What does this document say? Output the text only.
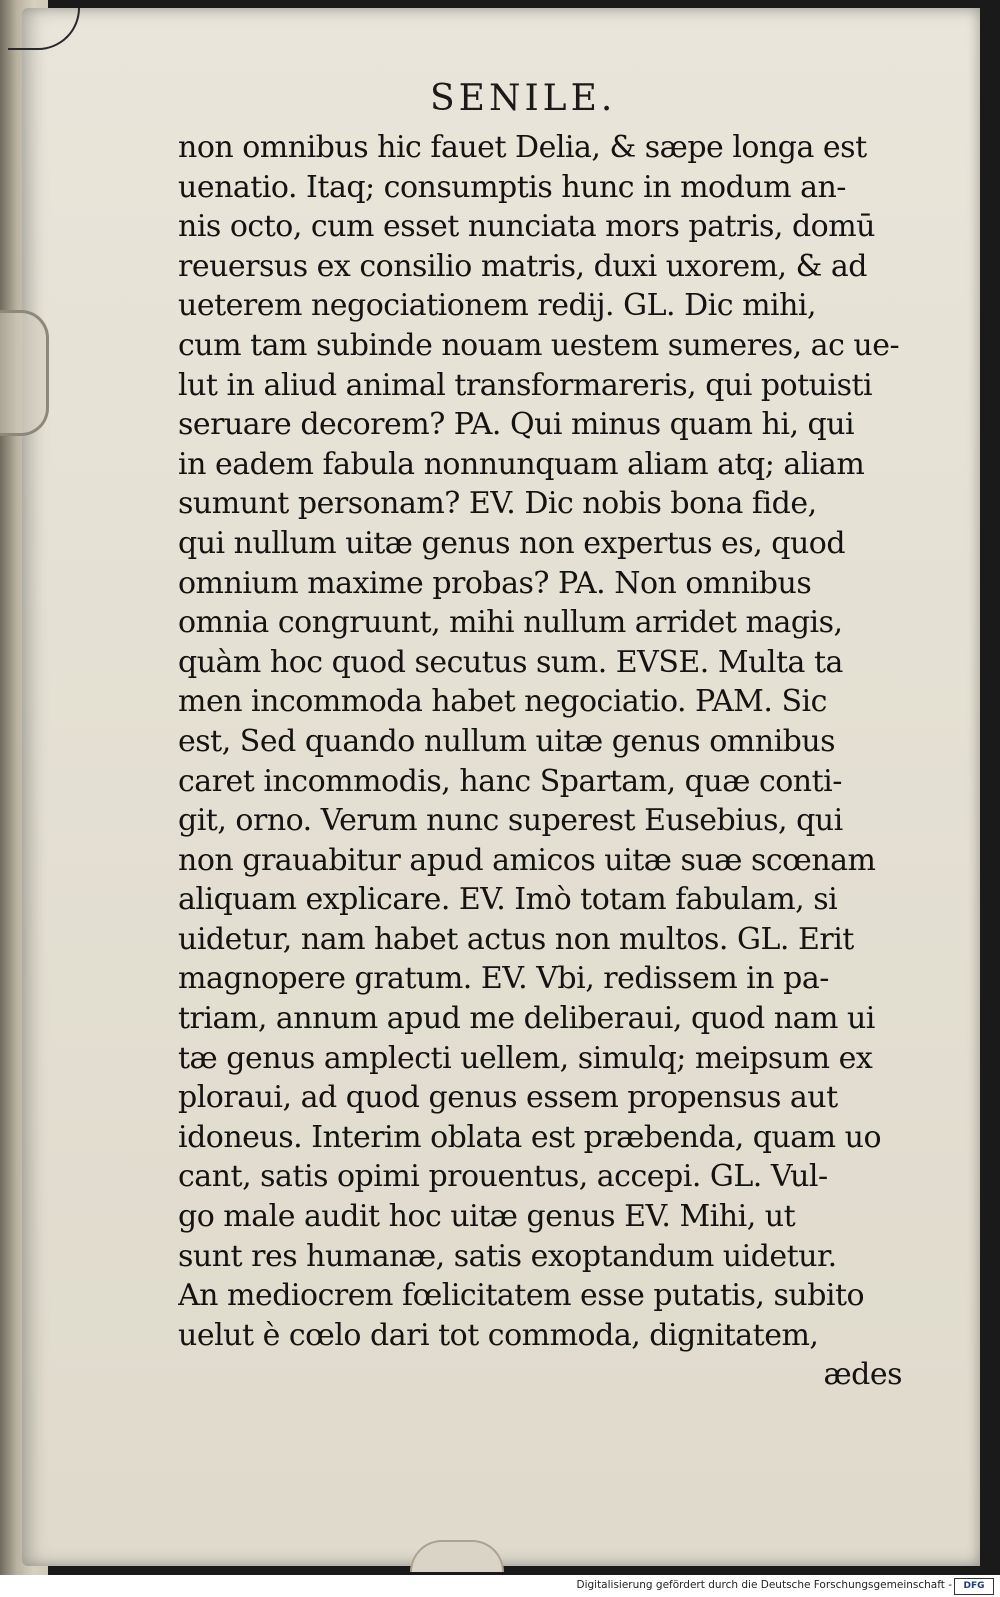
SENILE.
non omnibus hic fauet Delia, & sæpe longa est
uenatio. Itaq; consumptis hunc in modum an-
nis octo, cum esset nunciata mors patris, domū
reuersus ex consilio matris, duxi uxorem, & ad
ueterem negociationem redij. GL. Dic mihi,
cum tam subinde nouam uestem sumeres, ac ue-
lut in aliud animal transformareris, qui potuisti
seruare decorem? PA. Qui minus quam hi, qui
in eadem fabula nonnunquam aliam atq; aliam
sumunt personam? EV. Dic nobis bona fide,
qui nullum uitæ genus non expertus es, quod
omnium maxime probas? PA. Non omnibus
omnia congruunt, mihi nullum arridet magis,
quàm hoc quod secutus sum. EVSE. Multa ta
men incommoda habet negociatio. PAM. Sic
est, Sed quando nullum uitæ genus omnibus
caret incommodis, hanc Spartam, quæ conti-
git, orno. Verum nunc superest Eusebius, qui
non grauabitur apud amicos uitæ suæ scœnam
aliquam explicare. EV. Imò totam fabulam, si
uidetur, nam habet actus non multos. GL. Erit
magnopere gratum. EV. Vbi, redissem in pa-
triam, annum apud me deliberaui, quod nam ui
tæ genus amplecti uellem, simulq; meipsum ex
ploraui, ad quod genus essem propensus aut
idoneus. Interim oblata est præbenda, quam uo
cant, satis opimi prouentus, accepi. GL. Vul-
go male audit hoc uitæ genus EV. Mihi, ut
sunt res humanæ, satis exoptandum uidetur.
An mediocrem fœlicitatem esse putatis, subito
uelut è cœlo dari tot commoda, dignitatem,
ædes
Digitalisierung gefördert durch die Deutsche Forschungsgemeinschaft -	DFG
